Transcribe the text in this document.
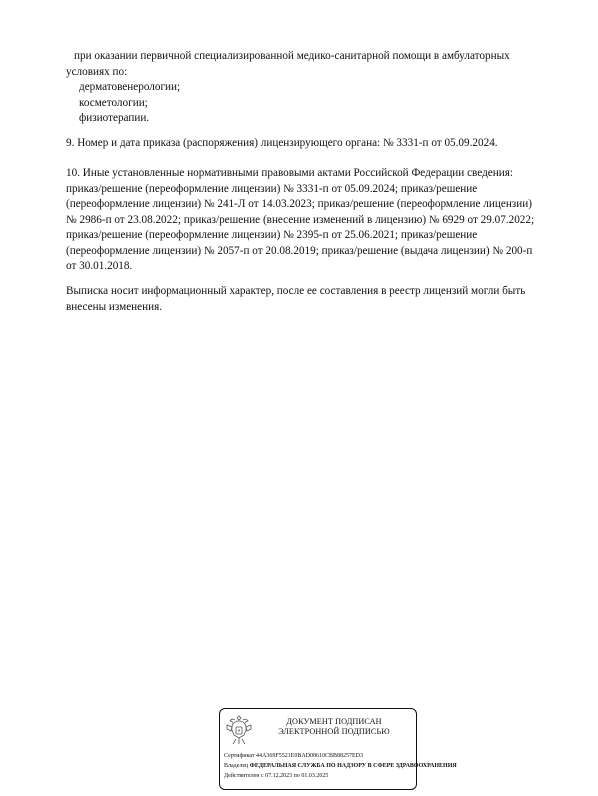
при оказании первичной специализированной медико-санитарной помощи в амбулаторных
условиях по:
дерматовенерологии;
косметологии;
физиотерапии.
9. Номер и дата приказа (распоряжения) лицензирующего органа: № 3331-п от 05.09.2024.
10. Иные установленные нормативными правовыми актами Российской Федерации сведения:
приказ/решение (переоформление лицензии) № 3331-п от 05.09.2024; приказ/решение
(переоформление лицензии) № 241-Л от 14.03.2023; приказ/решение (переоформление лицензии)
№ 2986-п от 23.08.2022; приказ/решение (внесение изменений в лицензию) № 6929 от 29.07.2022;
приказ/решение (переоформление лицензии) № 2395-п от 25.06.2021; приказ/решение
(переоформление лицензии) № 2057-п от 20.08.2019; приказ/решение (выдача лицензии) № 200-п
от 30.01.2018.
Выписка носит информационный характер, после ее составления в реестр лицензий могли быть
внесены изменения.
ДОКУМЕНТ ПОДПИСАН
ЭЛЕКТРОННОЙ ПОДПИСЬЮ
Сертификат 44A369F5521E0BAD08610CBB88257ED3
Владелец ФЕДЕРАЛЬНАЯ СЛУЖБА ПО НАДЗОРУ В СФЕРЕ ЗДРАВООХРАНЕНИЯ
Действителен с 07.12.2023 по 01.03.2025
